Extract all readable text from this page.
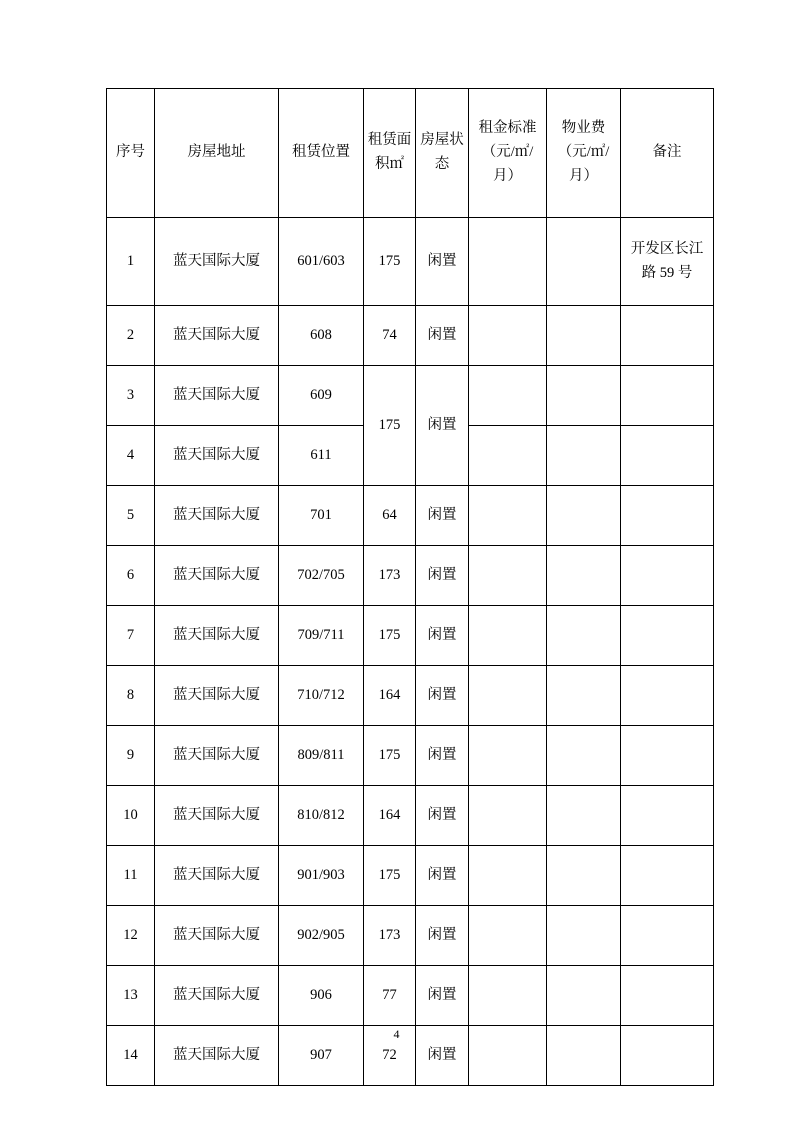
序号	房屋地址	租赁位置	租赁面积㎡	房屋状态	租金标准（元/㎡/月）	物业费（元/㎡/月）	备注
1	蓝天国际大厦	601/603	175	闲置			开发区长江路 59 号
2	蓝天国际大厦	608	74	闲置			
3	蓝天国际大厦	609	175	闲置			
4	蓝天国际大厦	611					
5	蓝天国际大厦	701	64	闲置			
6	蓝天国际大厦	702/705	173	闲置			
7	蓝天国际大厦	709/711	175	闲置			
8	蓝天国际大厦	710/712	164	闲置			
9	蓝天国际大厦	809/811	175	闲置			
10	蓝天国际大厦	810/812	164	闲置			
11	蓝天国际大厦	901/903	175	闲置			
12	蓝天国际大厦	902/905	173	闲置			
13	蓝天国际大厦	906	77	闲置			
14	蓝天国际大厦	907	72	闲置			
4
